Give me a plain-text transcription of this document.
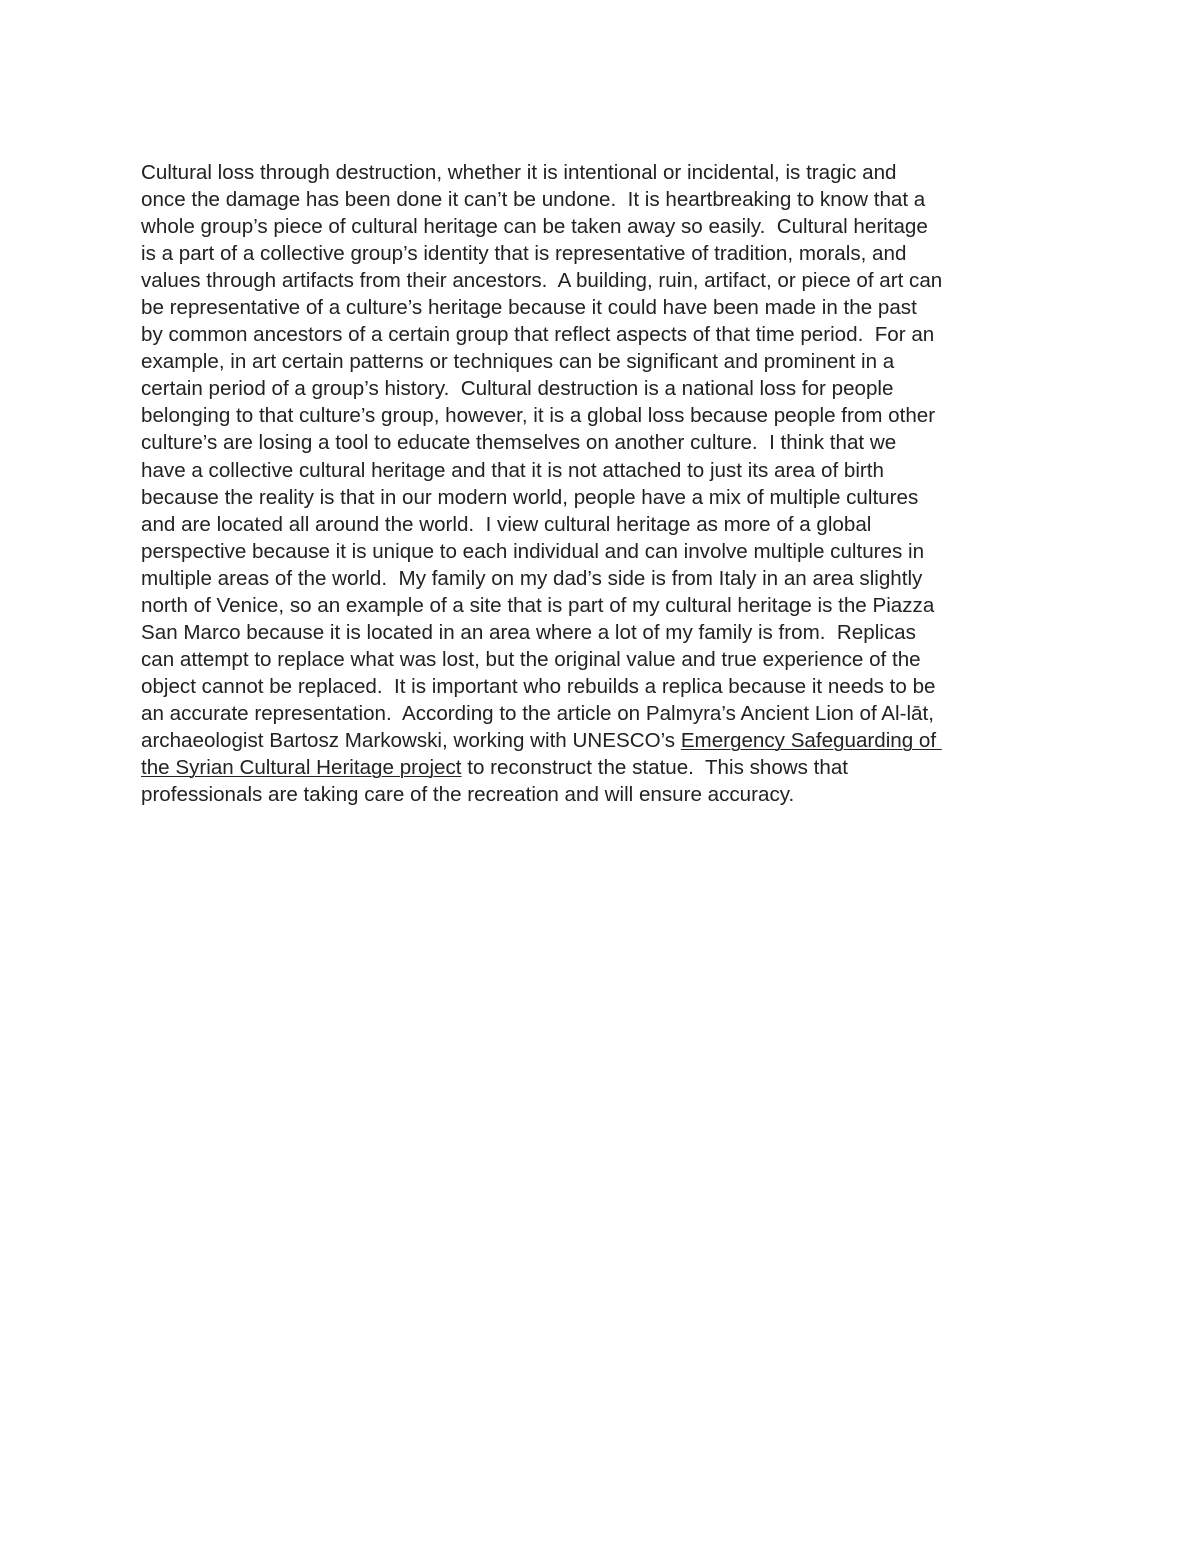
Cultural loss through destruction, whether it is intentional or incidental, is tragic and
once the damage has been done it can’t be undone.  It is heartbreaking to know that a
whole group’s piece of cultural heritage can be taken away so easily.  Cultural heritage
is a part of a collective group’s identity that is representative of tradition, morals, and
values through artifacts from their ancestors.  A building, ruin, artifact, or piece of art can
be representative of a culture’s heritage because it could have been made in the past
by common ancestors of a certain group that reflect aspects of that time period.  For an
example, in art certain patterns or techniques can be significant and prominent in a
certain period of a group’s history.  Cultural destruction is a national loss for people
belonging to that culture’s group, however, it is a global loss because people from other
culture’s are losing a tool to educate themselves on another culture.  I think that we
have a collective cultural heritage and that it is not attached to just its area of birth
because the reality is that in our modern world, people have a mix of multiple cultures
and are located all around the world.  I view cultural heritage as more of a global
perspective because it is unique to each individual and can involve multiple cultures in
multiple areas of the world.  My family on my dad’s side is from Italy in an area slightly
north of Venice, so an example of a site that is part of my cultural heritage is the Piazza
San Marco because it is located in an area where a lot of my family is from.  Replicas
can attempt to replace what was lost, but the original value and true experience of the
object cannot be replaced.  It is important who rebuilds a replica because it needs to be
an accurate representation.  According to the article on Palmyra’s Ancient Lion of Al-lāt,
archaeologist Bartosz Markowski, working with UNESCO’s Emergency Safeguarding of
the Syrian Cultural Heritage project to reconstruct the statue.  This shows that
professionals are taking care of the recreation and will ensure accuracy.
